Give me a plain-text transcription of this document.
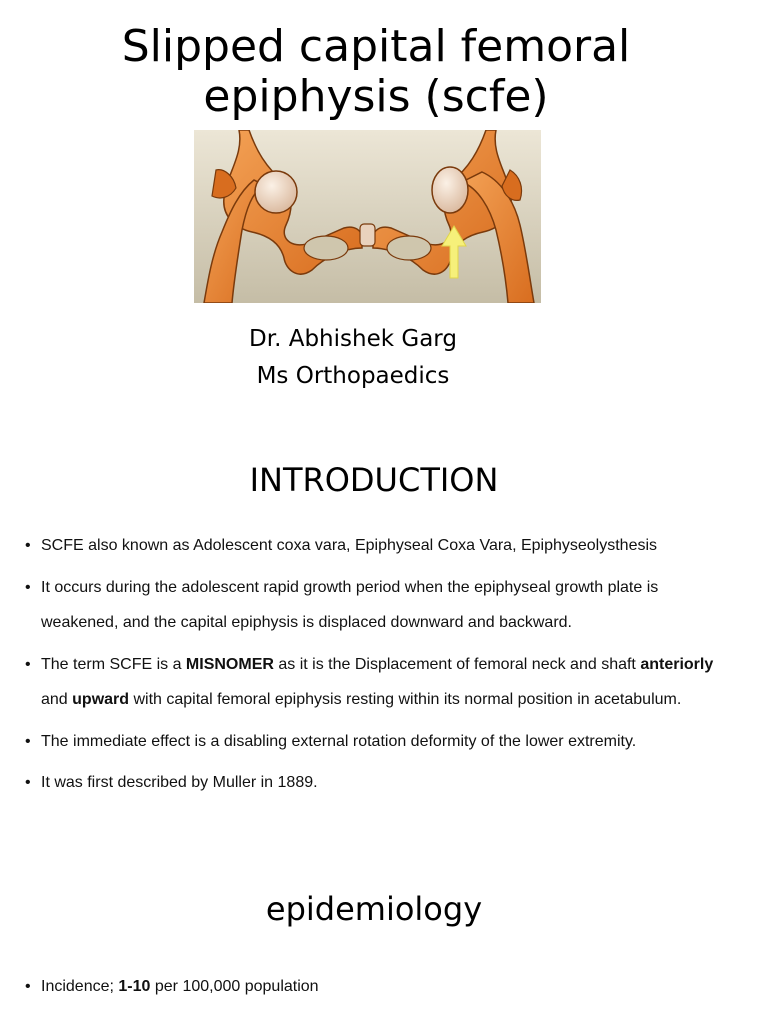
Slipped capital femoral
epiphysis (scfe)
Dr. Abhishek Garg
Ms Orthopaedics
INTRODUCTION
• SCFE also known as Adolescent coxa vara, Epiphyseal Coxa Vara, Epiphyseolysthesis
• It occurs during the adolescent rapid growth period when the epiphyseal growth plate is weakened, and the capital epiphysis is displaced downward and backward.
• The term SCFE is a MISNOMER as it is the Displacement of femoral neck and shaft anteriorly and upward with capital femoral epiphysis resting within its normal position in acetabulum.
• The immediate effect is a disabling external rotation deformity of the lower extremity.
• It was first described by Muller in 1889.
epidemiology
• Incidence; 1-10 per 100,000 population
